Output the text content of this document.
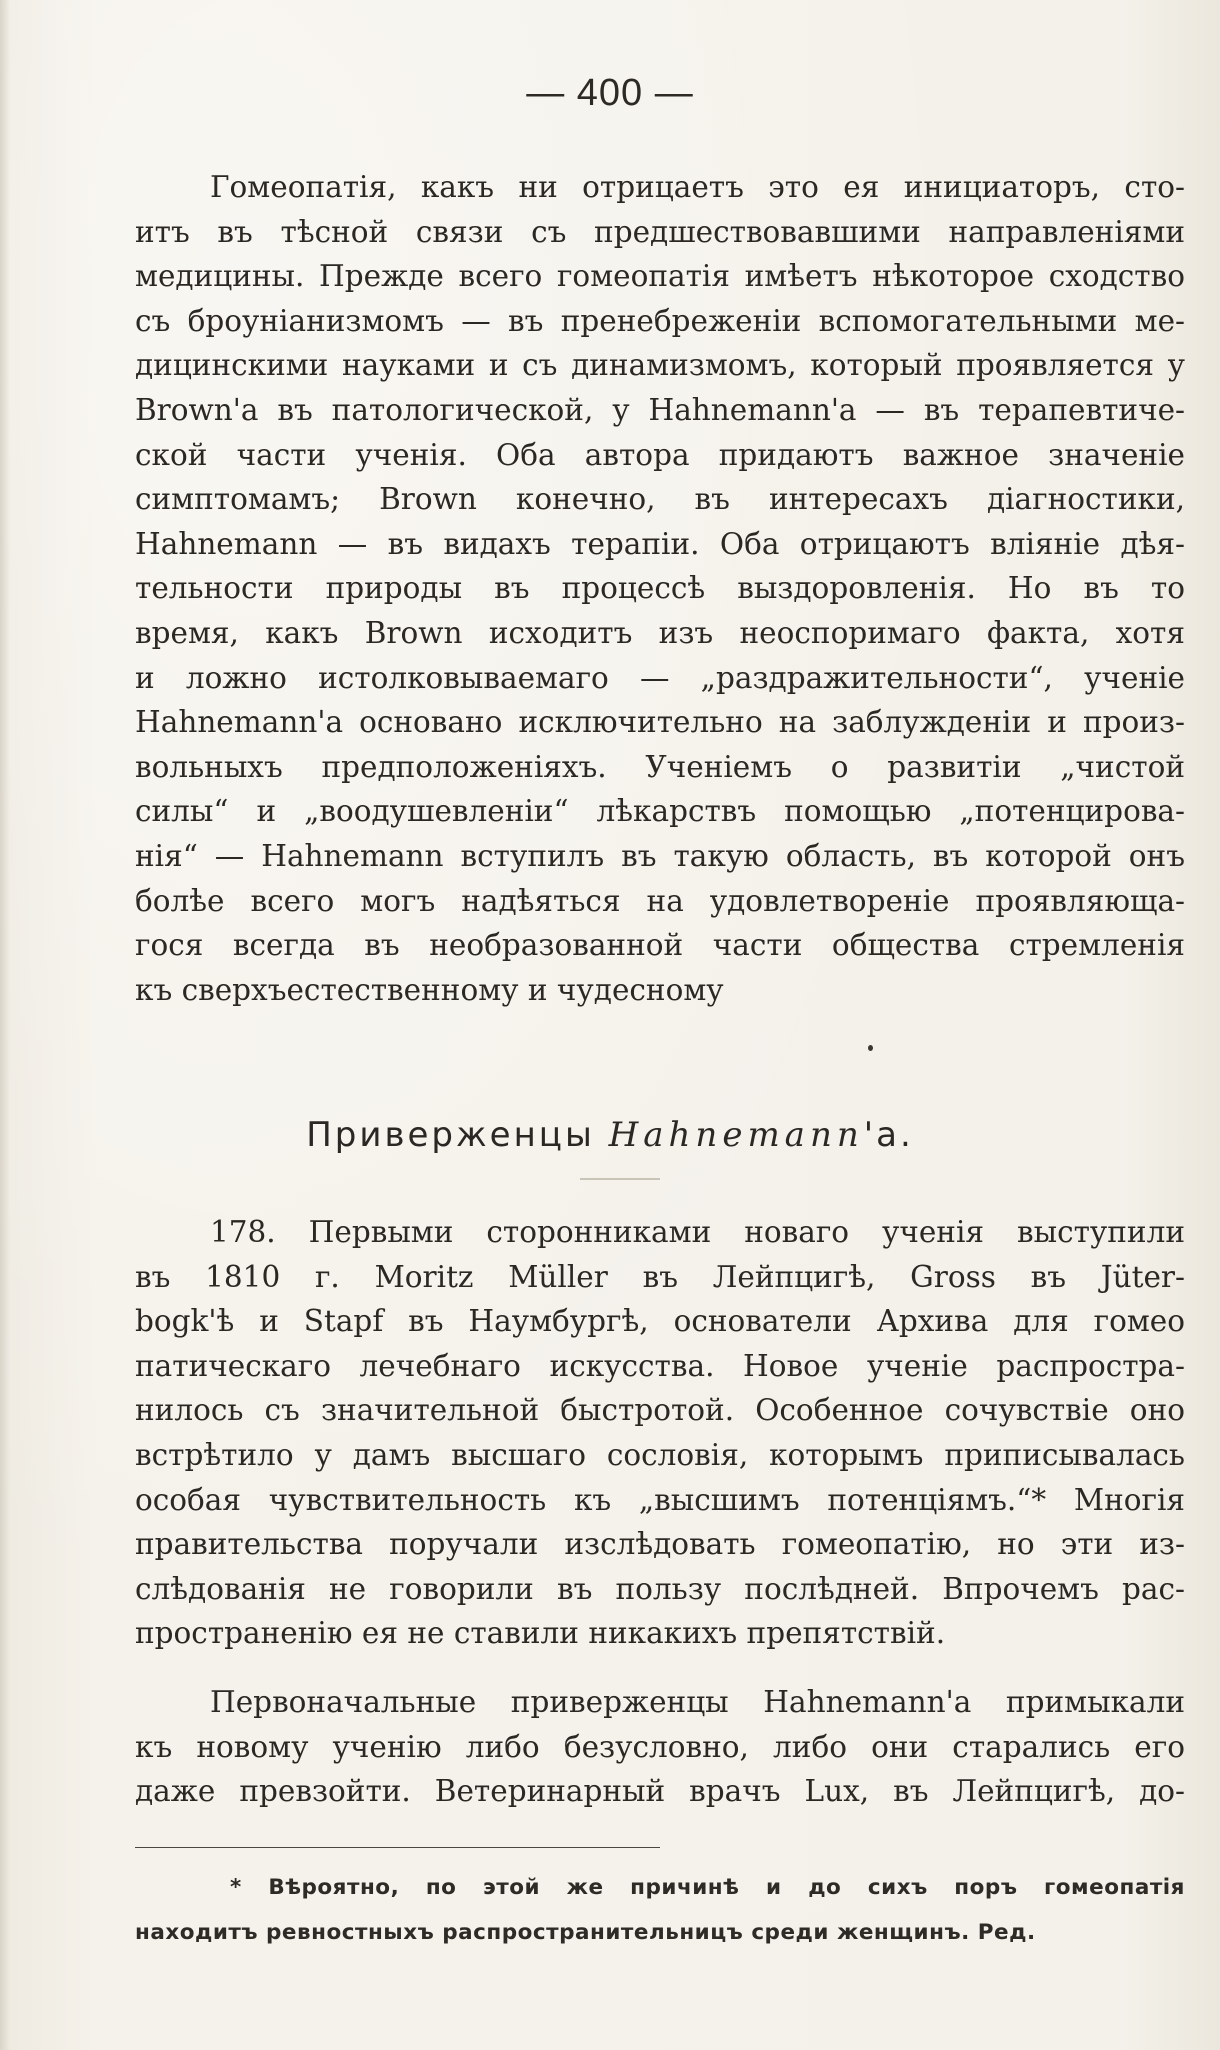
— 400 —
Гомеопатія, какъ ни отрицаетъ это ея инициаторъ, сто-
итъ въ тѣсной связи съ предшествовавшими направленіями
медицины. Прежде всего гомеопатія имѣетъ нѣкоторое сходство
съ броуніанизмомъ — въ пренебреженіи вспомогательными ме-
дицинскими науками и съ динамизмомъ, который проявляется у
Brown'а въ патологической, у Hahnemann'а — въ терапевтиче-
ской части ученія. Оба автора придаютъ важное значеніе
симптомамъ; Brown конечно, въ интересахъ діагностики,
Hahnemann — въ видахъ терапіи. Оба отрицаютъ вліяніе дѣя-
тельности природы въ процессѣ выздоровленія. Но въ то
время, какъ Brown исходитъ изъ неоспоримаго факта, хотя
и ложно истолковываемаго — „раздражительности“, ученіе
Hahnemann'а основано исключительно на заблужденіи и произ-
вольныхъ предположеніяхъ. Ученіемъ о развитіи „чистой
силы“ и „воодушевленіи“ лѣкарствъ помощью „потенцирова-
нія“ — Hahnemann вступилъ въ такую область, въ которой онъ
болѣе всего могъ надѣяться на удовлетвореніе проявляюща-
гося всегда въ необразованной части общества стремленія
къ сверхъестественному и чудесному
Приверженцы Hahnemann'а.
178. Первыми сторонниками новаго ученія выступили
въ 1810 г. Moritz Müller въ Лейпцигѣ, Gross въ Jüter-
bogk'ѣ и Stapf въ Наумбургѣ, основатели Архива для гомео
патическаго лечебнаго искусства. Новое ученіе распростра-
нилось съ значительной быстротой. Особенное сочувствіе оно
встрѣтило у дамъ высшаго сословія, которымъ приписывалась
особая чувствительность къ „высшимъ потенціямъ.“* Многія
правительства поручали изслѣдовать гомеопатію, но эти из-
слѣдованія не говорили въ пользу послѣдней. Впрочемъ рас-
пространенію ея не ставили никакихъ препятствій.
Первоначальные приверженцы Hahnemann'а примыкали
къ новому ученію либо безусловно, либо они старались его
даже превзойти. Ветеринарный врачъ Lux, въ Лейпцигѣ, до-
* Вѣроятно, по этой же причинѣ и до сихъ поръ гомеопатія
находитъ ревностныхъ распространительницъ среди женщинъ. Ред.
